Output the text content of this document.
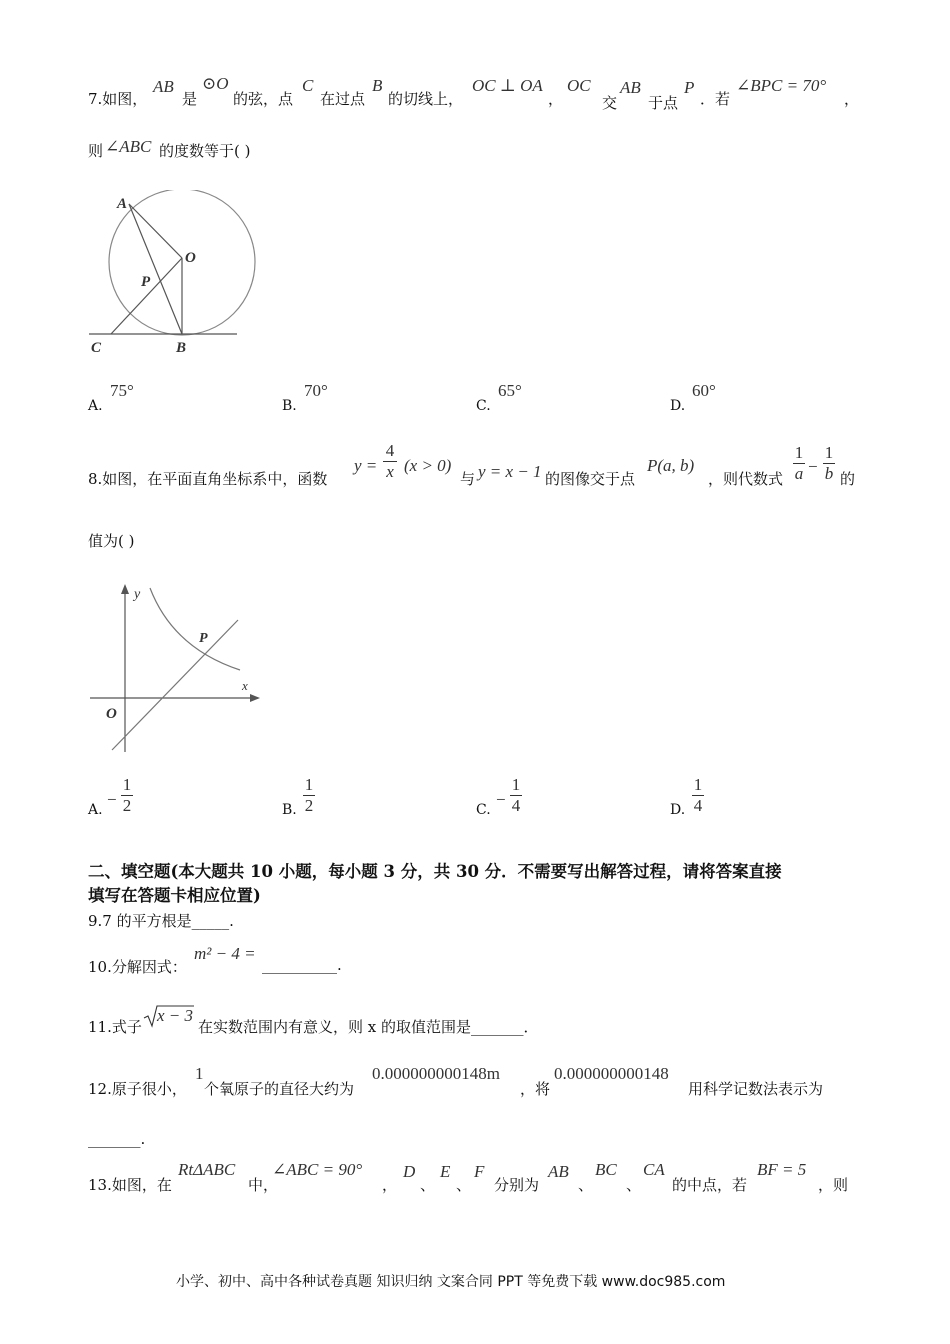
7.如图，
AB
是
⊙O
的弦，点
C
在过点
B
的切线上，
OC ⊥ OA
，
OC
交
AB
于点
P
．若
∠BPC = 70°
，
则 ∠ABC 的度数等于( )
A
O
P
C	B
A.
75°
B.
70°
C.
65°
D.
60°
8.如图，在平面直角坐标系中，函数
y =
4
x (x > 0)
与 y = x − 1 的图像交于点
P(a, b)
，则代数式
1
a −
1
b 的
值为( )
y
x
O
P
A.
−
1
2	B.
1
2	C.
−
1
4	D.
1
4
二、填空题(本大题共 10 小题，每小题 3 分，共 30 分．不需要写出解答过程，请将答案直接
填写在答题卡相应位置)
9.7 的平方根是_____.
10.分解因式：
m² − 4 =
__________.
11.式子
x − 3
在实数范围内有意义，则 x 的取值范围是_______．
12.原子很小，
1
个氧原子的直径大约为
0.000000000148m
，将
0.000000000148
用科学记数法表示为
_______.
13.如图，在
RtΔABC
中，
∠ABC = 90°
，
D
、
E
、
F
分别为
AB
、
BC
、
CA
的中点，若
BF = 5
，则
小学、初中、高中各种试卷真题 知识归纳 文案合同 PPT 等免费下载 www.doc985.com
